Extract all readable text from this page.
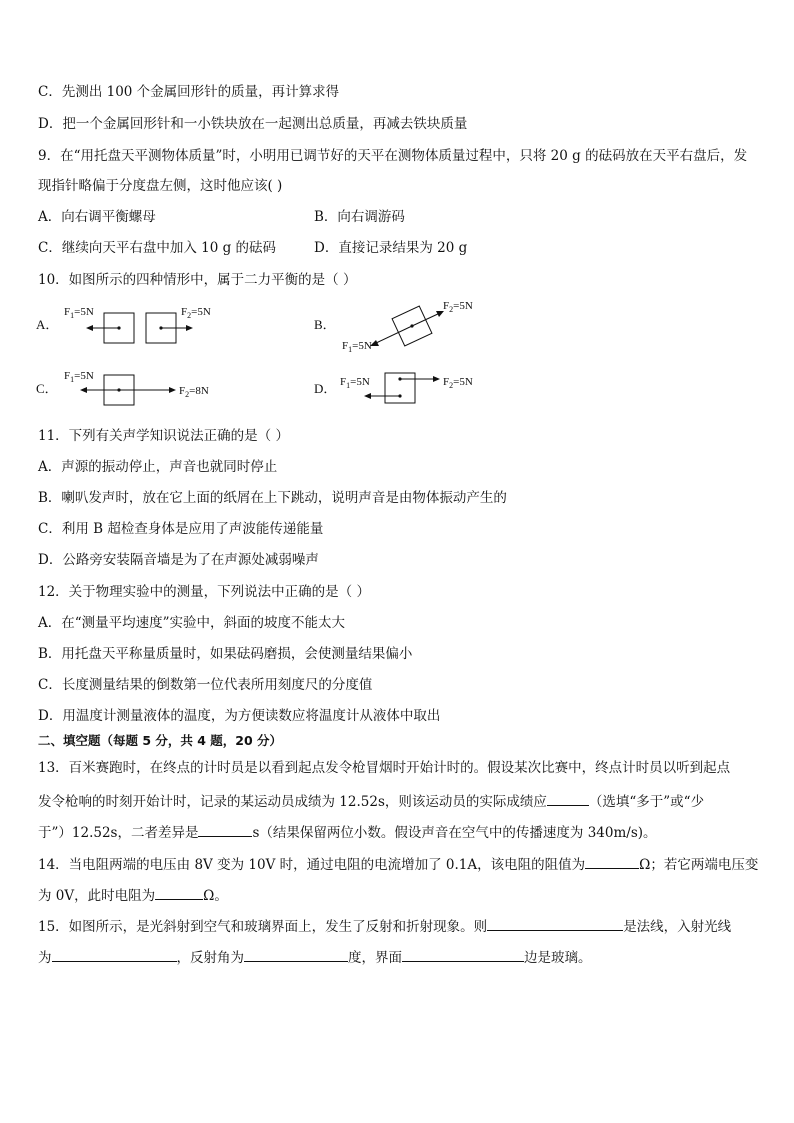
C．先测出 100 个金属回形针的质量，再计算求得
D．把一个金属回形针和一小铁块放在一起测出总质量，再减去铁块质量
9．在“用托盘天平测物体质量”时，小明用已调节好的天平在测物体质量过程中，只将 20 g 的砝码放在天平右盘后，发
现指针略偏于分度盘左侧，这时他应该( )
A．向右调平衡螺母	B．向右调游码
C．继续向天平右盘中加入 10 g 的砝码	D．直接记录结果为 20 g
10．如图所示的四种情形中，属于二力平衡的是（ ）
A．
$F_1=5N$	$F_2=5N$
B．
$F_1=5N$
$F_2=5N$
C．
$F_1=5N$
$F_2=8N$	D． $F_1=5N$	$F_2=5N$
11．下列有关声学知识说法正确的是（ ）
A．声源的振动停止，声音也就同时停止
B．喇叭发声时，放在它上面的纸屑在上下跳动，说明声音是由物体振动产生的
C．利用 B 超检查身体是应用了声波能传递能量
D．公路旁安装隔音墙是为了在声源处减弱噪声
12．关于物理实验中的测量，下列说法中正确的是（ ）
A．在“测量平均速度”实验中，斜面的坡度不能太大
B．用托盘天平称量质量时，如果砝码磨损，会使测量结果偏小
C．长度测量结果的倒数第一位代表所用刻度尺的分度值
D．用温度计测量液体的温度，为方便读数应将温度计从液体中取出
二、填空题（每题 5 分，共 4 题，20 分）
13．百米赛跑时，在终点的计时员是以看到起点发令枪冒烟时开始计时的。假设某次比赛中，终点计时员以听到起点
发令枪响的时刻开始计时，记录的某运动员成绩为 12.52s，则该运动员的实际成绩应	（选填“多于”或“少
于”）12.52s，二者差异是	s（结果保留两位小数。假设声音在空气中的传播速度为 340m/s)。
14．当电阻两端的电压由 8V 变为 10V 时，通过电阻的电流增加了 0.1A，该电阻的阻值为	Ω；若它两端电压变
为 0V，此时电阻为	Ω。
15．如图所示，是光斜射到空气和玻璃界面上，发生了反射和折射现象。则	是法线，入射光线
为	，反射角为	度，界面	边是玻璃。
